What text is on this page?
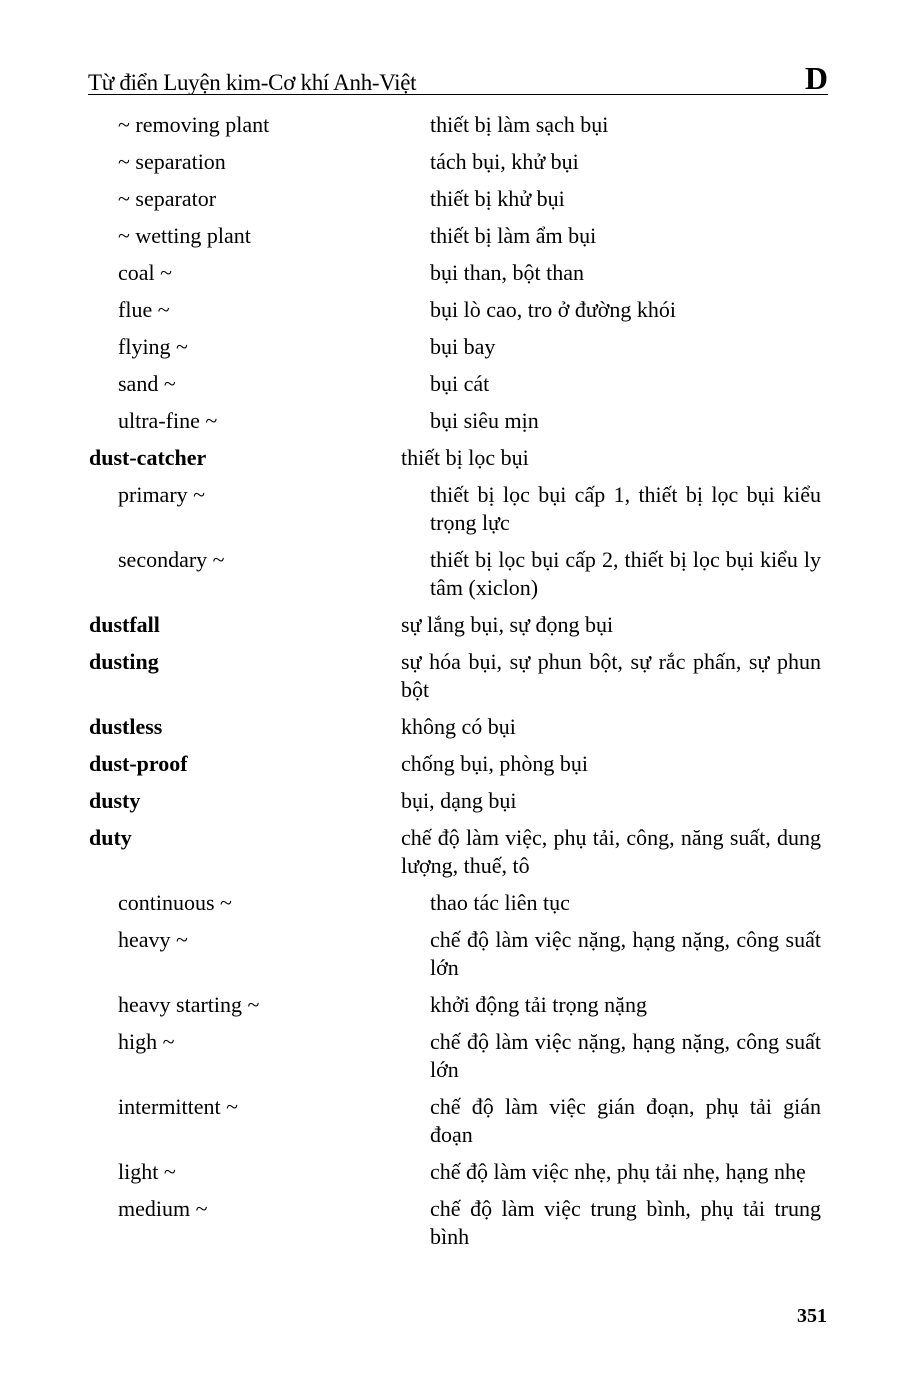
Từ điển Luyện kim-Cơ khí Anh-Việt	D
~ removing plant	thiết bị làm sạch bụi
~ separation	tách bụi, khử bụi
~ separator	thiết bị khử bụi
~ wetting plant	thiết bị làm ẩm bụi
coal ~	bụi than, bột than
flue ~	bụi lò cao, tro ở đường khói
flying ~	bụi bay
sand ~	bụi cát
ultra-fine ~	bụi siêu mịn
dust-catcher	thiết bị lọc bụi
primary ~	thiết bị lọc bụi cấp 1, thiết bị lọc bụi kiểu trọng lực
secondary ~	thiết bị lọc bụi cấp 2, thiết bị lọc bụi kiểu ly tâm (xiclon)
dustfall	sự lắng bụi, sự đọng bụi
dusting	sự hóa bụi, sự phun bột, sự rắc phấn, sự phun bột
dustless	không có bụi
dust-proof	chống bụi, phòng bụi
dusty	bụi, dạng bụi
duty	chế độ làm việc, phụ tải, công, năng suất, dung lượng, thuế, tô
continuous ~	thao tác liên tục
heavy ~	chế độ làm việc nặng, hạng nặng, công suất lớn
heavy starting ~	khởi động tải trọng nặng
high ~	chế độ làm việc nặng, hạng nặng, công suất lớn
intermittent ~	chế độ làm việc gián đoạn, phụ tải gián đoạn
light ~	chế độ làm việc nhẹ, phụ tải nhẹ, hạng nhẹ
medium ~	chế độ làm việc trung bình, phụ tải trung bình
351
